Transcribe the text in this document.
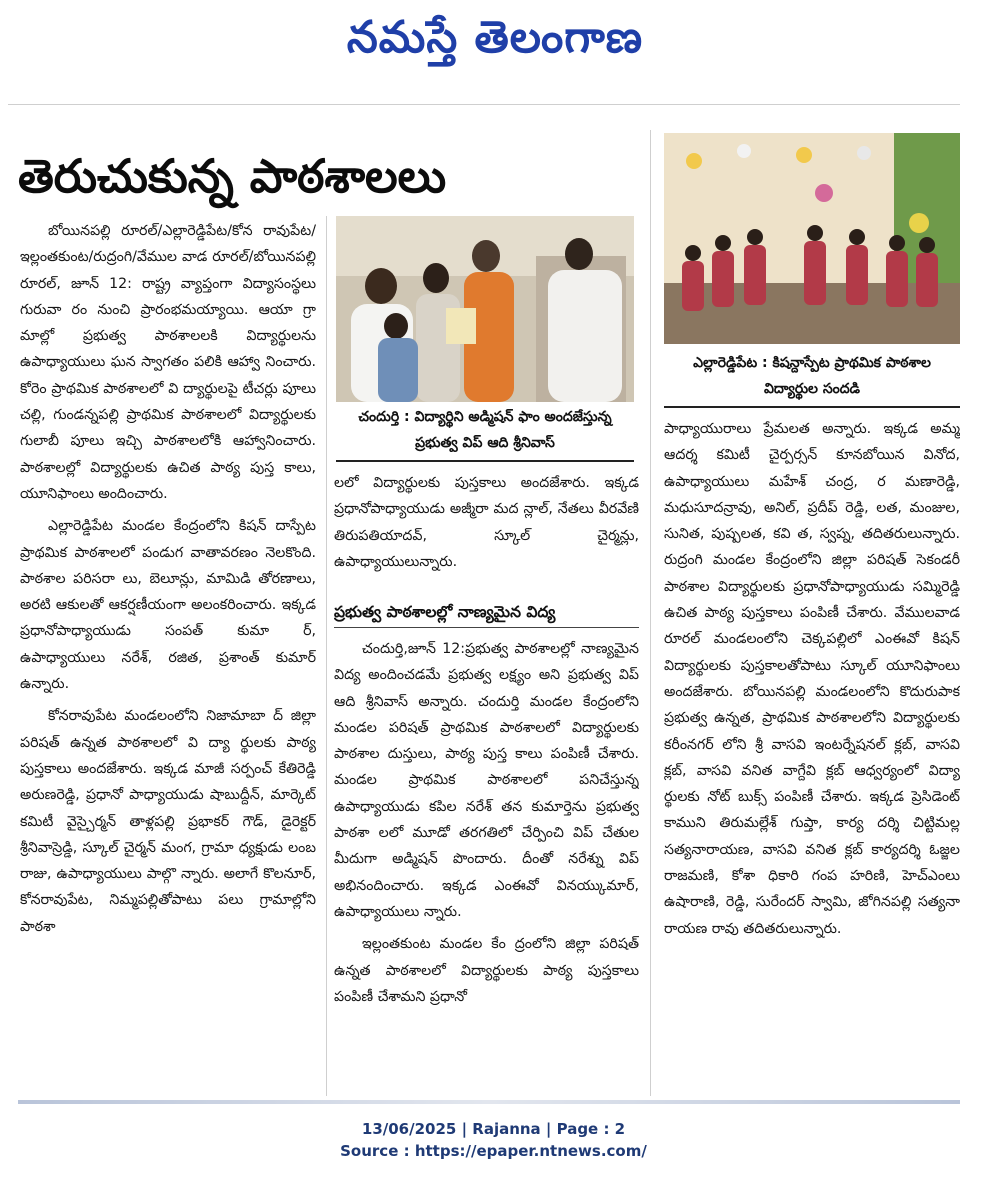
నమస్తే తెలంగాణ
తెరుచుకున్న పాఠశాలలు

బోయినపల్లి రూరల్/ఎల్లారెడ్డిపేట/కోన రావుపేట/ఇల్లంతకుంట/రుద్రంగి/వేముల వాడ రూరల్/బోయినపల్లి రూరల్, జూన్ 12: రాష్ట్ర వ్యాప్తంగా విద్యాసంస్థలు గురువా రం నుంచి ప్రారంభమయ్యాయి. ఆయా గ్రా మాల్లో ప్రభుత్వ పాఠశాలలకి విద్యార్థులను ఉపాధ్యాయులు ఘన స్వాగతం పలికి ఆహ్వా నించారు. కోరెం ప్రాథమిక పాఠశాలలో వి ద్యార్థులపై టీచర్లు పూలు చల్లి, గుండన్నపల్లి ప్రాథమిక పాఠశాలలో విద్యార్థులకు గులాబీ పూలు ఇచ్చి పాఠశాలలోకి ఆహ్వానించారు. పాఠశాలల్లో విద్యార్థులకు ఉచిత పాఠ్య పుస్త కాలు, యూనిఫాంలు అందించారు.

ఎల్లారెడ్డిపేట మండల కేంద్రంలోని కిషన్ దాస్పేట ప్రాథమిక పాఠశాలలో పండుగ వాతావరణం నెలకొంది. పాఠశాల పరిసరా లు, బెలూన్లు, మామిడి తోరణాలు, అరటి ఆకులతో ఆకర్షణీయంగా అలంకరించారు. ఇక్కడ ప్రధానోపాధ్యాయుడు సంపత్ కుమా ర్, ఉపాధ్యాయులు నరేశ్, రజిత, ప్రశాంత్ కుమార్ ఉన్నారు.

కోనరావుపేట మండలంలోని నిజామాబా ద్ జిల్లా పరిషత్ ఉన్నత పాఠశాలలో వి ద్యా ర్థులకు పాఠ్య పుస్తకాలు అందజేశారు. ఇక్కడ మాజీ సర్పంచ్ కేతిరెడ్డి అరుణరెడ్డి, ప్రధానో పాధ్యాయుడు షాబుద్దీన్, మార్కెట్ కమిటీ వైస్చైర్మన్ తాళ్లపల్లి ప్రభాకర్ గౌడ్, డైరెక్టర్ శ్రీనివాస్రెడ్డి, స్కూల్ చైర్మన్ మంగ, గ్రామా ధ్యక్షుడు లంబ రాజు, ఉపాధ్యాయులు పాల్గొ న్నారు. అలాగే కొలనూర్, కోనరావుపేట, నిమ్మపల్లితోపాటు పలు గ్రామాల్లోని పాఠశా

చందుర్తి : విద్యార్థిని అడ్మిషన్ ఫాం అందజేస్తున్న ప్రభుత్వ విప్ ఆది శ్రీనివాస్
ఎల్లారెడ్డిపేట : కిషన్దాస్పేట ప్రాథమిక పాఠశాల విద్యార్థుల సందడి

లలో విద్యార్థులకు పుస్తకాలు అందజేశారు. ఇక్కడ ప్రధానోపాధ్యాయుడు అజ్మీరా మద న్లాల్, నేతలు వీరవేణి తిరుపతియాదవ్, స్కూల్ చైర్మన్లు, ఉపాధ్యాయులున్నారు.

ప్రభుత్వ పాఠశాలల్లో నాణ్యమైన విద్య

చందుర్తి,జూన్ 12:ప్రభుత్వ పాఠశాలల్లో నాణ్యమైన విద్య అందించడమే ప్రభుత్వ లక్ష్యం అని ప్రభుత్వ విప్ ఆది శ్రీనివాస్ అన్నారు. చందుర్తి మండల కేంద్రంలోని మండల పరిషత్ ప్రాథమిక పాఠశాలలో విద్యార్థులకు పాఠశాల దుస్తులు, పాఠ్య పుస్త కాలు పంపిణీ చేశారు. మండల ప్రాథమిక పాఠశాలలో పనిచేస్తున్న ఉపాధ్యాయుడు కపిల నరేశ్ తన కుమార్తెను ప్రభుత్వ పాఠశా లలో మూడో తరగతిలో చేర్పించి విప్ చేతుల మీదుగా అడ్మిషన్ పొందారు. దీంతో నరేశ్ను విప్ అభినందించారు. ఇక్కడ ఎంఈవో వినయ్కుమార్, ఉపాధ్యాయులు న్నారు.

ఇల్లంతకుంట మండల కేం ద్రంలోని జిల్లా పరిషత్ ఉన్నత పాఠశాలలో విద్యార్థులకు పాఠ్య పుస్తకాలు పంపిణీ చేశామని ప్రధానో

పాధ్యాయురాలు ప్రేమలత అన్నారు. ఇక్కడ అమ్మ ఆదర్శ కమిటీ చైర్పర్సన్ కూనబోయిన వినోద, ఉపాధ్యాయులు మహేశ్ చంద్ర, ర మణారెడ్డి, మధుసూదన్రావు, అనిల్, ప్రదీప్ రెడ్డి, లత, మంజుల, సునిత, పుష్పలత, కవి త, స్వప్న, తదితరులున్నారు. రుద్రంగి మండల కేంద్రంలోని జిల్లా పరిషత్ సెకండరీ పాఠశాల విద్యార్థులకు ప్రధానోపాధ్యాయుడు సమ్మిరెడ్డి ఉచిత పాఠ్య పుస్తకాలు పంపిణీ చేశారు. వేములవాడ రూరల్ మండలంలోని చెక్కపల్లిలో ఎంఈవో కిషన్ విద్యార్థులకు పుస్తకాలతోపాటు స్కూల్ యూనిఫాంలు అందజేశారు. బోయినపల్లి మండలంలోని కొదురుపాక ప్రభుత్వ ఉన్నత, ప్రాథమిక పాఠశాలలోని విద్యార్థులకు కరీంనగర్ లోని శ్రీ వాసవి ఇంటర్నేషనల్ క్లబ్, వాసవి క్లబ్, వాసవి వనిత వాగ్దేవి క్లబ్ ఆధ్వర్యంలో విద్యా ర్థులకు నోట్ బుక్స్ పంపిణీ చేశారు. ఇక్కడ ప్రెసిడెంట్ కాముని తిరుమల్లేశ్ గుప్తా, కార్య దర్శి చిట్టిమల్ల సత్యనారాయణ, వాసవి వనిత క్లబ్ కార్యదర్శి ఓజ్జల రాజమణి, కోశా ధికారి గంప హరిణి, హెచ్ఎంలు ఉషారాణి, రెడ్డి, సురేందర్ స్వామి, జోగినపల్లి సత్యనా రాయణ రావు తదితరులున్నారు.

13/06/2025 | Rajanna | Page : 2
Source : https://epaper.ntnews.com/
